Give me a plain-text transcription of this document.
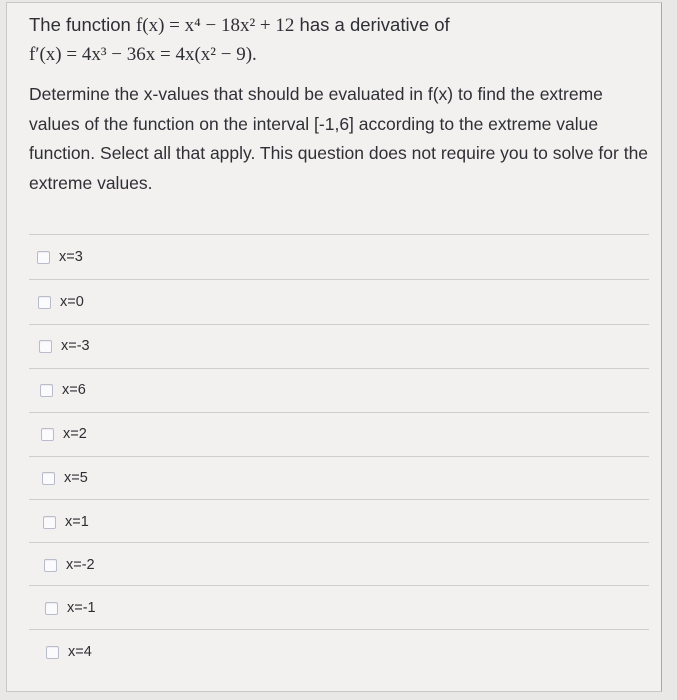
The function f(x) = x⁴ − 18x² + 12 has a derivative of
f′(x) = 4x³ − 36x = 4x(x² − 9).
Determine the x-values that should be evaluated in f(x) to find the extreme values of the function on the interval [-1,6] according to the extreme value function. Select all that apply. This question does not require you to solve for the extreme values.
x=3
x=0
x=-3
x=6
x=2
x=5
x=1
x=-2
x=-1
x=4
